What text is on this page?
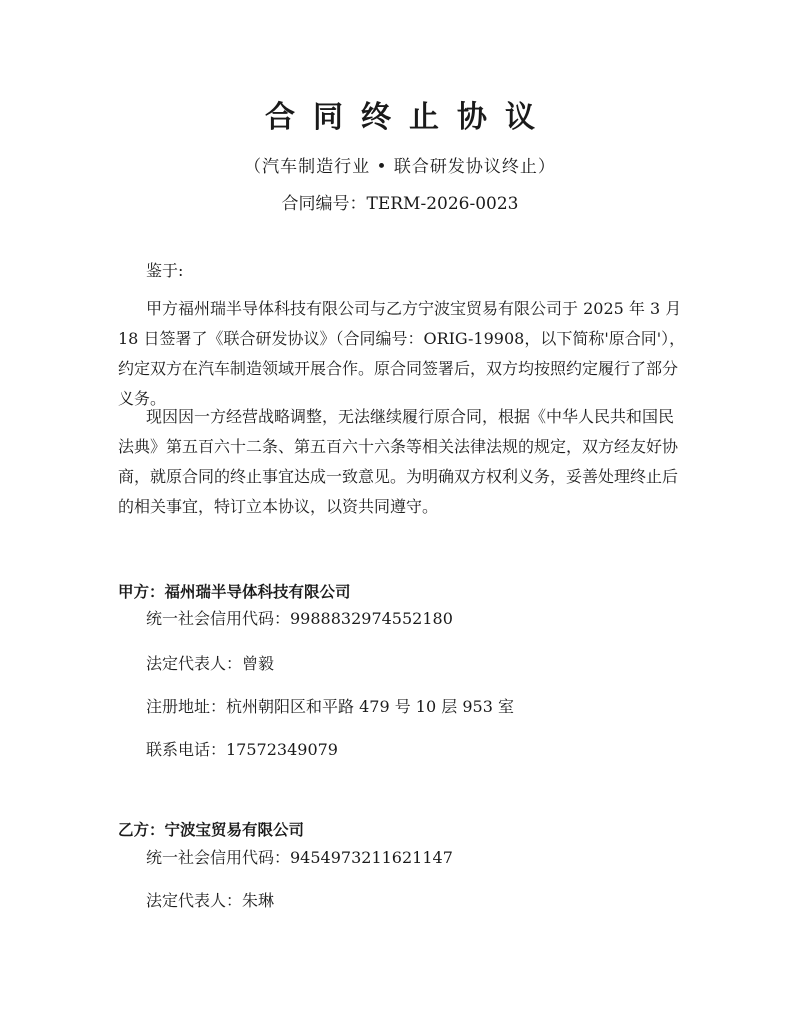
合同终止协议
（汽车制造行业 • 联合研发协议终止）
合同编号：TERM-2026-0023
鉴于:
甲方福州瑞半导体科技有限公司与乙方宁波宝贸易有限公司于 2025 年 3 月 18 日签署了《联合研发协议》（合同编号：ORIG-19908，以下简称'原合同'），约定双方在汽车制造领域开展合作。原合同签署后，双方均按照约定履行了部分义务。
现因因一方经营战略调整，无法继续履行原合同，根据《中华人民共和国民法典》第五百六十二条、第五百六十六条等相关法律法规的规定，双方经友好协商，就原合同的终止事宜达成一致意见。为明确双方权利义务，妥善处理终止后的相关事宜，特订立本协议，以资共同遵守。
甲方：福州瑞半导体科技有限公司
统一社会信用代码：9988832974552180
法定代表人：曾毅
注册地址：杭州朝阳区和平路 479 号 10 层 953 室
联系电话：17572349079
乙方：宁波宝贸易有限公司
统一社会信用代码：9454973211621147
法定代表人：朱琳
